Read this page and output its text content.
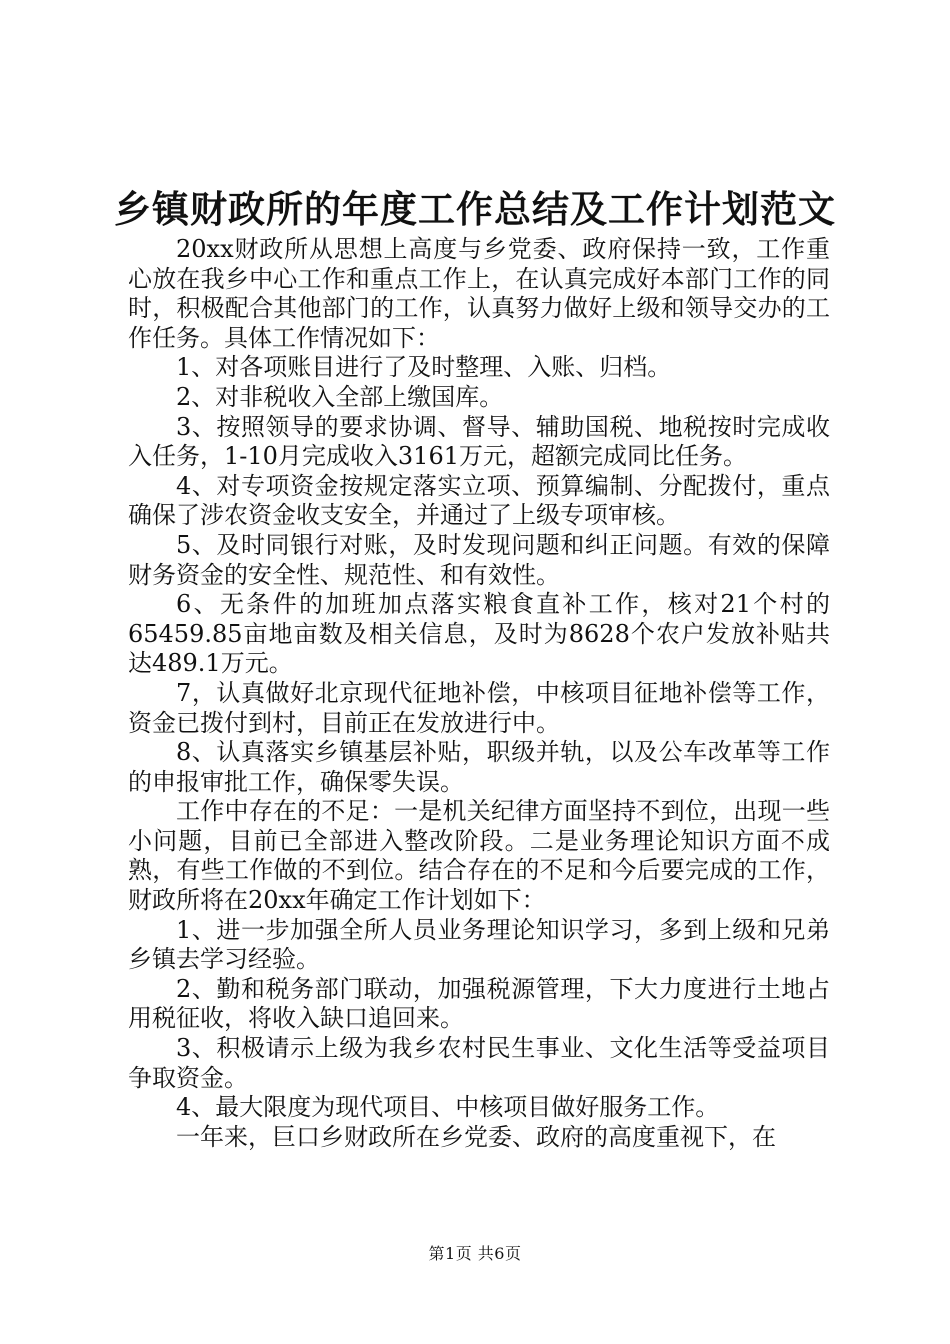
乡镇财政所的年度工作总结及工作计划范文

20xx财政所从思想上高度与乡党委、政府保持一致，工作重心放在我乡中心工作和重点工作上，在认真完成好本部门工作的同时，积极配合其他部门的工作，认真努力做好上级和领导交办的工作任务。具体工作情况如下：

1、对各项账目进行了及时整理、入账、归档。

2、对非税收入全部上缴国库。

3、按照领导的要求协调、督导、辅助国税、地税按时完成收入任务，1-10月完成收入3161万元，超额完成同比任务。

4、对专项资金按规定落实立项、预算编制、分配拨付，重点确保了涉农资金收支安全，并通过了上级专项审核。

5、及时同银行对账，及时发现问题和纠正问题。有效的保障财务资金的安全性、规范性、和有效性。

6、无条件的加班加点落实粮食直补工作，核对21个村的65459.85亩地亩数及相关信息，及时为8628个农户发放补贴共达489.1万元。

7，认真做好北京现代征地补偿，中核项目征地补偿等工作，资金已拨付到村，目前正在发放进行中。

8、认真落实乡镇基层补贴，职级并轨，以及公车改革等工作的申报审批工作，确保零失误。

工作中存在的不足：一是机关纪律方面坚持不到位，出现一些小问题，目前已全部进入整改阶段。二是业务理论知识方面不成熟，有些工作做的不到位。结合存在的不足和今后要完成的工作，财政所将在20xx年确定工作计划如下：

1、进一步加强全所人员业务理论知识学习，多到上级和兄弟乡镇去学习经验。

2、勤和税务部门联动，加强税源管理，下大力度进行土地占用税征收，将收入缺口追回来。

3、积极请示上级为我乡农村民生事业、文化生活等受益项目争取资金。

4、最大限度为现代项目、中核项目做好服务工作。

一年来，巨口乡财政所在乡党委、政府的高度重视下，在

第1页 共6页
